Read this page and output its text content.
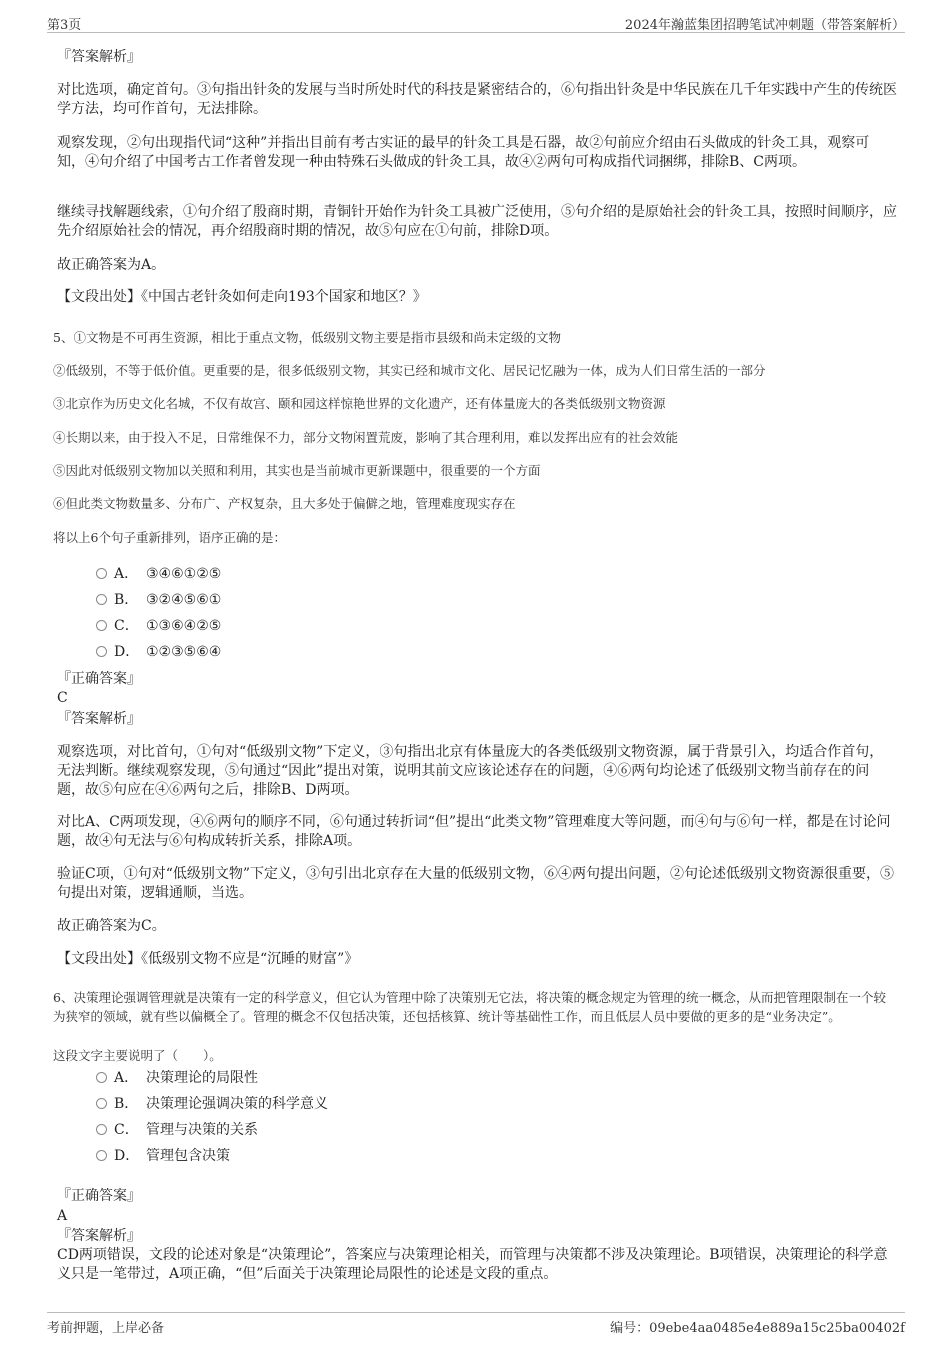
第3页	2024年瀚蓝集团招聘笔试冲刺题（带答案解析）
『答案解析』
对比选项，确定首句。③句指出针灸的发展与当时所处时代的科技是紧密结合的，⑥句指出针灸是中华民族在几千年实践中产生的传统医学方法，均可作首句，无法排除。
观察发现，②句出现指代词“这种”并指出目前有考古实证的最早的针灸工具是石器，故②句前应介绍由石头做成的针灸工具，观察可知，④句介绍了中国考古工作者曾发现一种由特殊石头做成的针灸工具，故④②两句可构成指代词捆绑，排除B、C两项。
继续寻找解题线索，①句介绍了殷商时期，青铜针开始作为针灸工具被广泛使用，⑤句介绍的是原始社会的针灸工具，按照时间顺序，应先介绍原始社会的情况，再介绍殷商时期的情况，故⑤句应在①句前，排除D项。
故正确答案为A。
【文段出处】《中国古老针灸如何走向193个国家和地区？》
5、①文物是不可再生资源，相比于重点文物，低级别文物主要是指市县级和尚未定级的文物
②低级别，不等于低价值。更重要的是，很多低级别文物，其实已经和城市文化、居民记忆融为一体，成为人们日常生活的一部分
③北京作为历史文化名城，不仅有故宫、颐和园这样惊艳世界的文化遗产，还有体量庞大的各类低级别文物资源
④长期以来，由于投入不足，日常维保不力，部分文物闲置荒废，影响了其合理利用，难以发挥出应有的社会效能
⑤因此对低级别文物加以关照和利用，其实也是当前城市更新课题中，很重要的一个方面
⑥但此类文物数量多、分布广、产权复杂，且大多处于偏僻之地，管理难度现实存在
将以上6个句子重新排列，语序正确的是：
A． ③④⑥①②⑤
B． ③②④⑤⑥①
C． ①③⑥④②⑤
D． ①②③⑤⑥④
『正确答案』
C
『答案解析』
观察选项，对比首句，①句对“低级别文物”下定义，③句指出北京有体量庞大的各类低级别文物资源，属于背景引入，均适合作首句，无法判断。继续观察发现，⑤句通过“因此”提出对策，说明其前文应该论述存在的问题，④⑥两句均论述了低级别文物当前存在的问题，故⑤句应在④⑥两句之后，排除B、D两项。
对比A、C两项发现，④⑥两句的顺序不同，⑥句通过转折词“但”提出“此类文物”管理难度大等问题，而④句与⑥句一样，都是在讨论问题，故④句无法与⑥句构成转折关系，排除A项。
验证C项，①句对“低级别文物”下定义，③句引出北京存在大量的低级别文物，⑥④两句提出问题，②句论述低级别文物资源很重要，⑤句提出对策，逻辑通顺，当选。
故正确答案为C。
【文段出处】《低级别文物不应是“沉睡的财富”》
6、决策理论强调管理就是决策有一定的科学意义，但它认为管理中除了决策别无它法，将决策的概念规定为管理的统一概念，从而把管理限制在一个较为狭窄的领域，就有些以偏概全了。管理的概念不仅包括决策，还包括核算、统计等基础性工作，而且低层人员中要做的更多的是“业务决定”。
这段文字主要说明了（　　）。
A． 决策理论的局限性
B． 决策理论强调决策的科学意义
C． 管理与决策的关系
D． 管理包含决策
『正确答案』
A
『答案解析』
CD两项错误，文段的论述对象是“决策理论”，答案应与决策理论相关，而管理与决策都不涉及决策理论。B项错误，决策理论的科学意义只是一笔带过，A项正确，“但”后面关于决策理论局限性的论述是文段的重点。
考前押题，上岸必备	编号：09ebe4aa0485e4e889a15c25ba00402f
